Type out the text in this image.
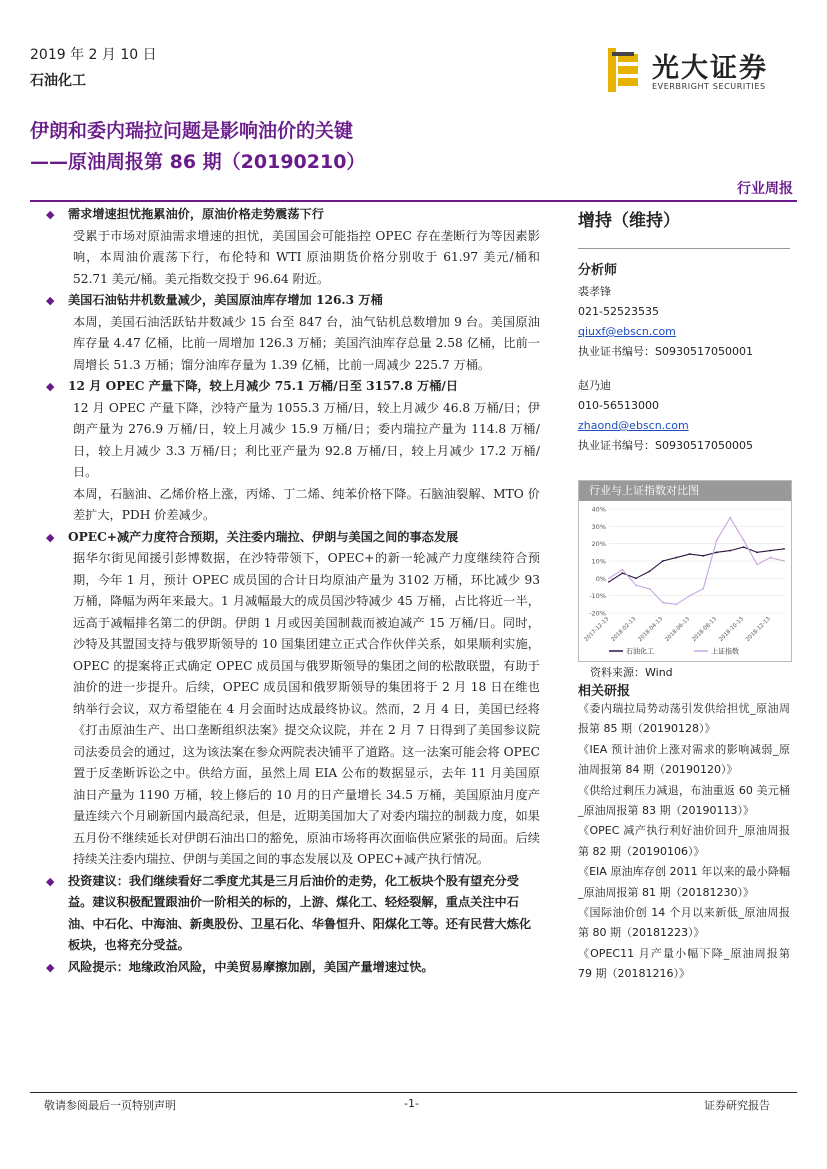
2019 年 2 月 10 日
石油化工
伊朗和委内瑞拉问题是影响油价的关键
——原油周报第 86 期（20190210）
光大证券
EVERBRIGHT SECURITIES
行业周报
◆ 需求增速担忧拖累油价，原油价格走势震荡下行
受累于市场对原油需求增速的担忧，美国国会可能指控 OPEC 存在垄断行为等因素影响，本周油价震荡下行，布伦特和 WTI 原油期货价格分别收于 61.97 美元/桶和 52.71 美元/桶。美元指数交投于 96.64 附近。
◆ 美国石油钻井机数量减少，美国原油库存增加 126.3 万桶
本周，美国石油活跃钻井数减少 15 台至 847 台，油气钻机总数增加 9 台。美国原油库存量 4.47 亿桶，比前一周增加 126.3 万桶；美国汽油库存总量 2.58 亿桶，比前一周增长 51.3 万桶；馏分油库存量为 1.39 亿桶，比前一周减少 225.7 万桶。
◆ 12 月 OPEC 产量下降，较上月减少 75.1 万桶/日至 3157.8 万桶/日
12 月 OPEC 产量下降，沙特产量为 1055.3 万桶/日，较上月减少 46.8 万桶/日；伊朗产量为 276.9 万桶/日，较上月减少 15.9 万桶/日；委内瑞拉产量为 114.8 万桶/日，较上月减少 3.3 万桶/日；利比亚产量为 92.8 万桶/日，较上月减少 17.2 万桶/日。
本周，石脑油、乙烯价格上涨，丙烯、丁二烯、纯苯价格下降。石脑油裂解、MTO 价差扩大，PDH 价差减少。
◆ OPEC+减产力度符合预期，关注委内瑞拉、伊朗与美国之间的事态发展
据华尔街见闻援引彭博数据，在沙特带领下，OPEC+的新一轮减产力度继续符合预期，今年 1 月，预计 OPEC 成员国的合计日均原油产量为 3102 万桶，环比减少 93 万桶，降幅为两年来最大。1 月减幅最大的成员国沙特减少 45 万桶，占比将近一半，远高于减幅排名第二的伊朗。伊朗 1 月或因美国制裁而被迫减产 15 万桶/日。同时，沙特及其盟国支持与俄罗斯领导的 10 国集团建立正式合作伙伴关系，如果顺利实施，OPEC 的提案将正式确定 OPEC 成员国与俄罗斯领导的集团之间的松散联盟，有助于油价的进一步提升。后续，OPEC 成员国和俄罗斯领导的集团将于 2 月 18 日在维也纳举行会议，双方希望能在 4 月会面时达成最终协议。然而，2 月 4 日，美国已经将《打击原油生产、出口垄断组织法案》提交众议院，并在 2 月 7 日得到了美国参议院司法委员会的通过，这为该法案在参众两院表决铺平了道路。这一法案可能会将 OPEC 置于反垄断诉讼之中。供给方面，虽然上周 EIA 公布的数据显示，去年 11 月美国原油日产量为 1190 万桶，较上修后的 10 月的日产量增长 34.5 万桶，美国原油月度产量连续六个月刷新国内最高纪录，但是，近期美国加大了对委内瑞拉的制裁力度，如果五月份不继续延长对伊朗石油出口的豁免，原油市场将再次面临供应紧张的局面。后续持续关注委内瑞拉、伊朗与美国之间的事态发展以及 OPEC+减产执行情况。
◆ 投资建议：我们继续看好二季度尤其是三月后油价的走势，化工板块个股有望充分受益。建议积极配置跟油价一阶相关的标的，上游、煤化工、轻烃裂解，重点关注中石油、中石化、中海油、新奥股份、卫星石化、华鲁恒升、阳煤化工等。还有民营大炼化板块，也将充分受益。
◆ 风险提示：地缘政治风险，中美贸易摩擦加剧，美国产量增速过快。
增持（维持）
分析师
裘孝锋
021-52523535
qiuxf@ebscn.com
执业证书编号：S0930517050001
赵乃迪
010-56513000
zhaond@ebscn.com
执业证书编号：S0930517050005
行业与上证指数对比图
-20%
-10%
0%
10%
20%
30%
40%
2017-12-13 2018-02-13 2018-04-13 2018-06-13 2018-08-13 2018-10-13 2018-12-13
石油化工	上证指数
资料来源：Wind
相关研报
《委内瑞拉局势动荡引发供给担忧_原油周报第 85 期（20190128）》
《IEA 预计油价上涨对需求的影响减弱_原油周报第 84 期（20190120）》
《供给过剩压力减退，布油重返 60 美元桶_原油周报第 83 期（20190113）》
《OPEC 减产执行利好油价回升_原油周报第 82 期（20190106）》
《EIA 原油库存创 2011 年以来的最小降幅_原油周报第 81 期（20181230）》
《国际油价创 14 个月以来新低_原油周报第 80 期（20181223）》
《OPEC11 月产量小幅下降_原油周报第 79 期（20181216）》
敬请参阅最后一页特别声明	-1-	证券研究报告
